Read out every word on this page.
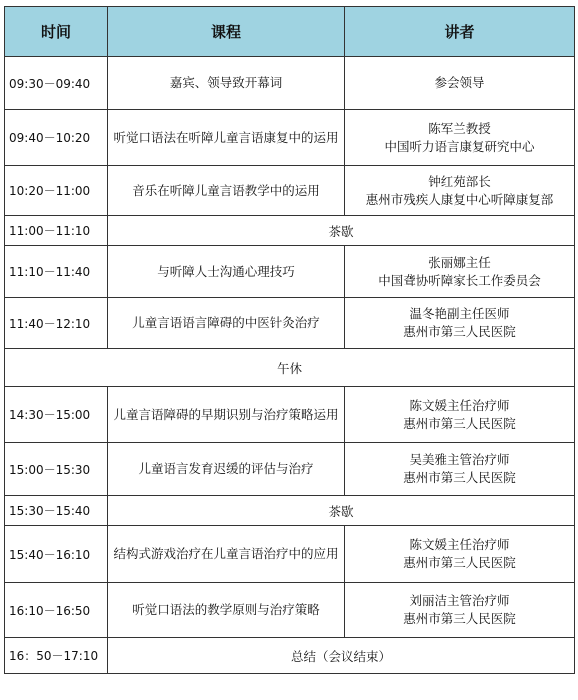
时间	课程	讲者
09:30－09:40	嘉宾、领导致开幕词	参会领导

09:40－10:20	听觉口语法在听障儿童言语康复中的运用	陈军兰教授
中国听力语言康复研究中心

10:20－11:00	音乐在听障儿童言语教学中的运用	钟红苑部长
惠州市残疾人康复中心听障康复部

11:00－11:10	茶歇	
11:10－11:40	与听障人士沟通心理技巧	张丽娜主任
中国聋协听障家长工作委员会

11:40－12:10	儿童言语语言障碍的中医针灸治疗	温冬艳副主任医师
惠州市第三人民医院

午休		
14:30－15:00	儿童言语障碍的早期识别与治疗策略运用	陈文媛主任治疗师
惠州市第三人民医院

15:00－15:30	儿童语言发育迟缓的评估与治疗	吴美雅主管治疗师
惠州市第三人民医院

15:30－15:40	茶歇	
15:40－16:10	结构式游戏治疗在儿童言语治疗中的应用	陈文媛主任治疗师
惠州市第三人民医院

16:10－16:50	听觉口语法的教学原则与治疗策略	刘丽洁主管治疗师
惠州市第三人民医院

16：50－17:10	总结（会议结束）	
